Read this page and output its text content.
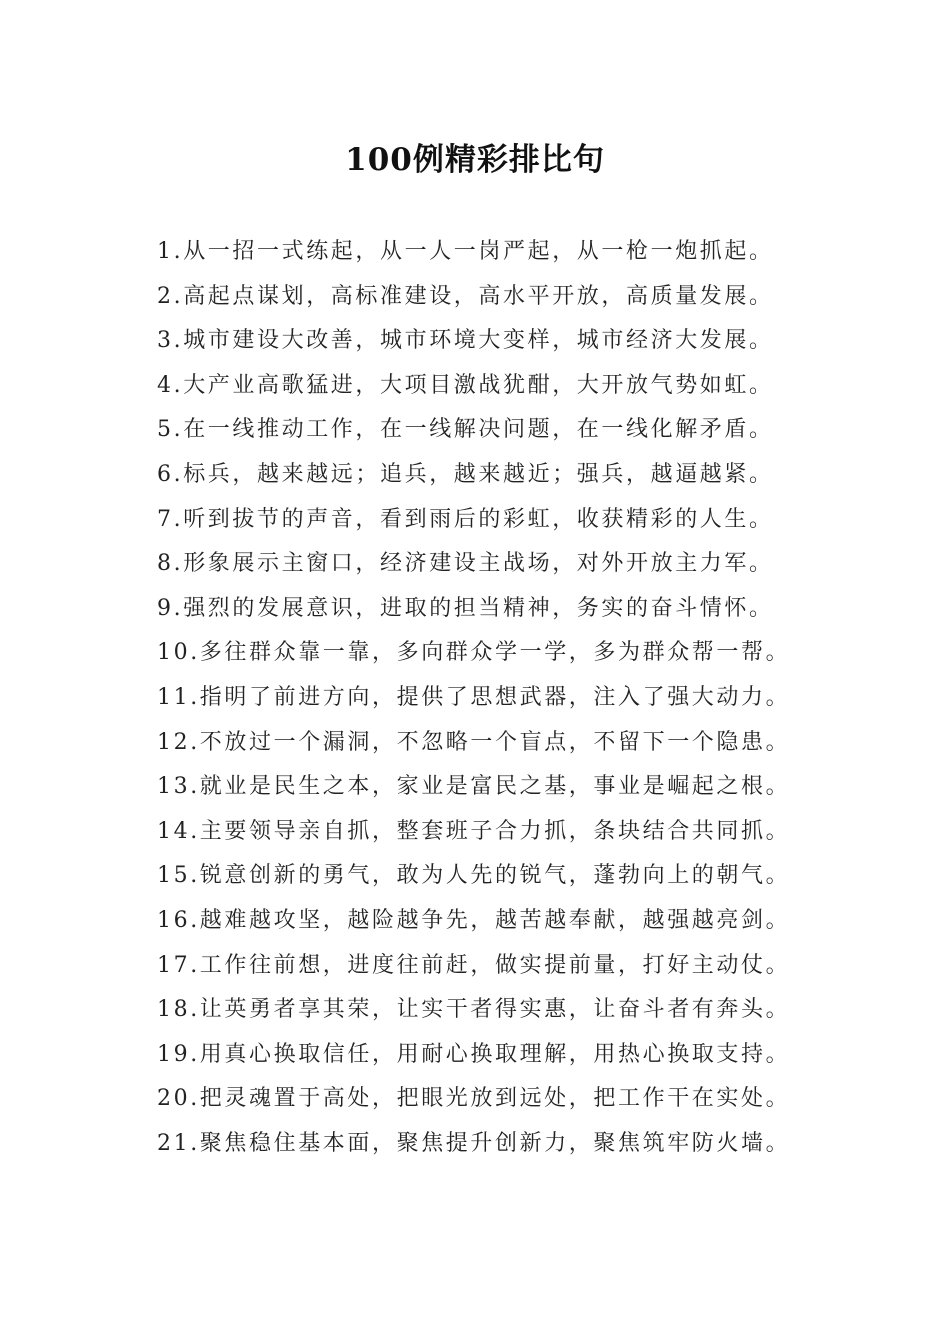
100例精彩排比句
1.从一招一式练起，从一人一岗严起，从一枪一炮抓起。
2.高起点谋划，高标准建设，高水平开放，高质量发展。
3.城市建设大改善，城市环境大变样，城市经济大发展。
4.大产业高歌猛进，大项目激战犹酣，大开放气势如虹。
5.在一线推动工作，在一线解决问题，在一线化解矛盾。
6.标兵，越来越远；追兵，越来越近；强兵，越逼越紧。
7.听到拔节的声音，看到雨后的彩虹，收获精彩的人生。
8.形象展示主窗口，经济建设主战场，对外开放主力军。
9.强烈的发展意识，进取的担当精神，务实的奋斗情怀。
10.多往群众靠一靠，多向群众学一学，多为群众帮一帮。
11.指明了前进方向，提供了思想武器，注入了强大动力。
12.不放过一个漏洞，不忽略一个盲点，不留下一个隐患。
13.就业是民生之本，家业是富民之基，事业是崛起之根。
14.主要领导亲自抓，整套班子合力抓，条块结合共同抓。
15.锐意创新的勇气，敢为人先的锐气，蓬勃向上的朝气。
16.越难越攻坚，越险越争先，越苦越奉献，越强越亮剑。
17.工作往前想，进度往前赶，做实提前量，打好主动仗。
18.让英勇者享其荣，让实干者得实惠，让奋斗者有奔头。
19.用真心换取信任，用耐心换取理解，用热心换取支持。
20.把灵魂置于高处，把眼光放到远处，把工作干在实处。
21.聚焦稳住基本面，聚焦提升创新力，聚焦筑牢防火墙。
